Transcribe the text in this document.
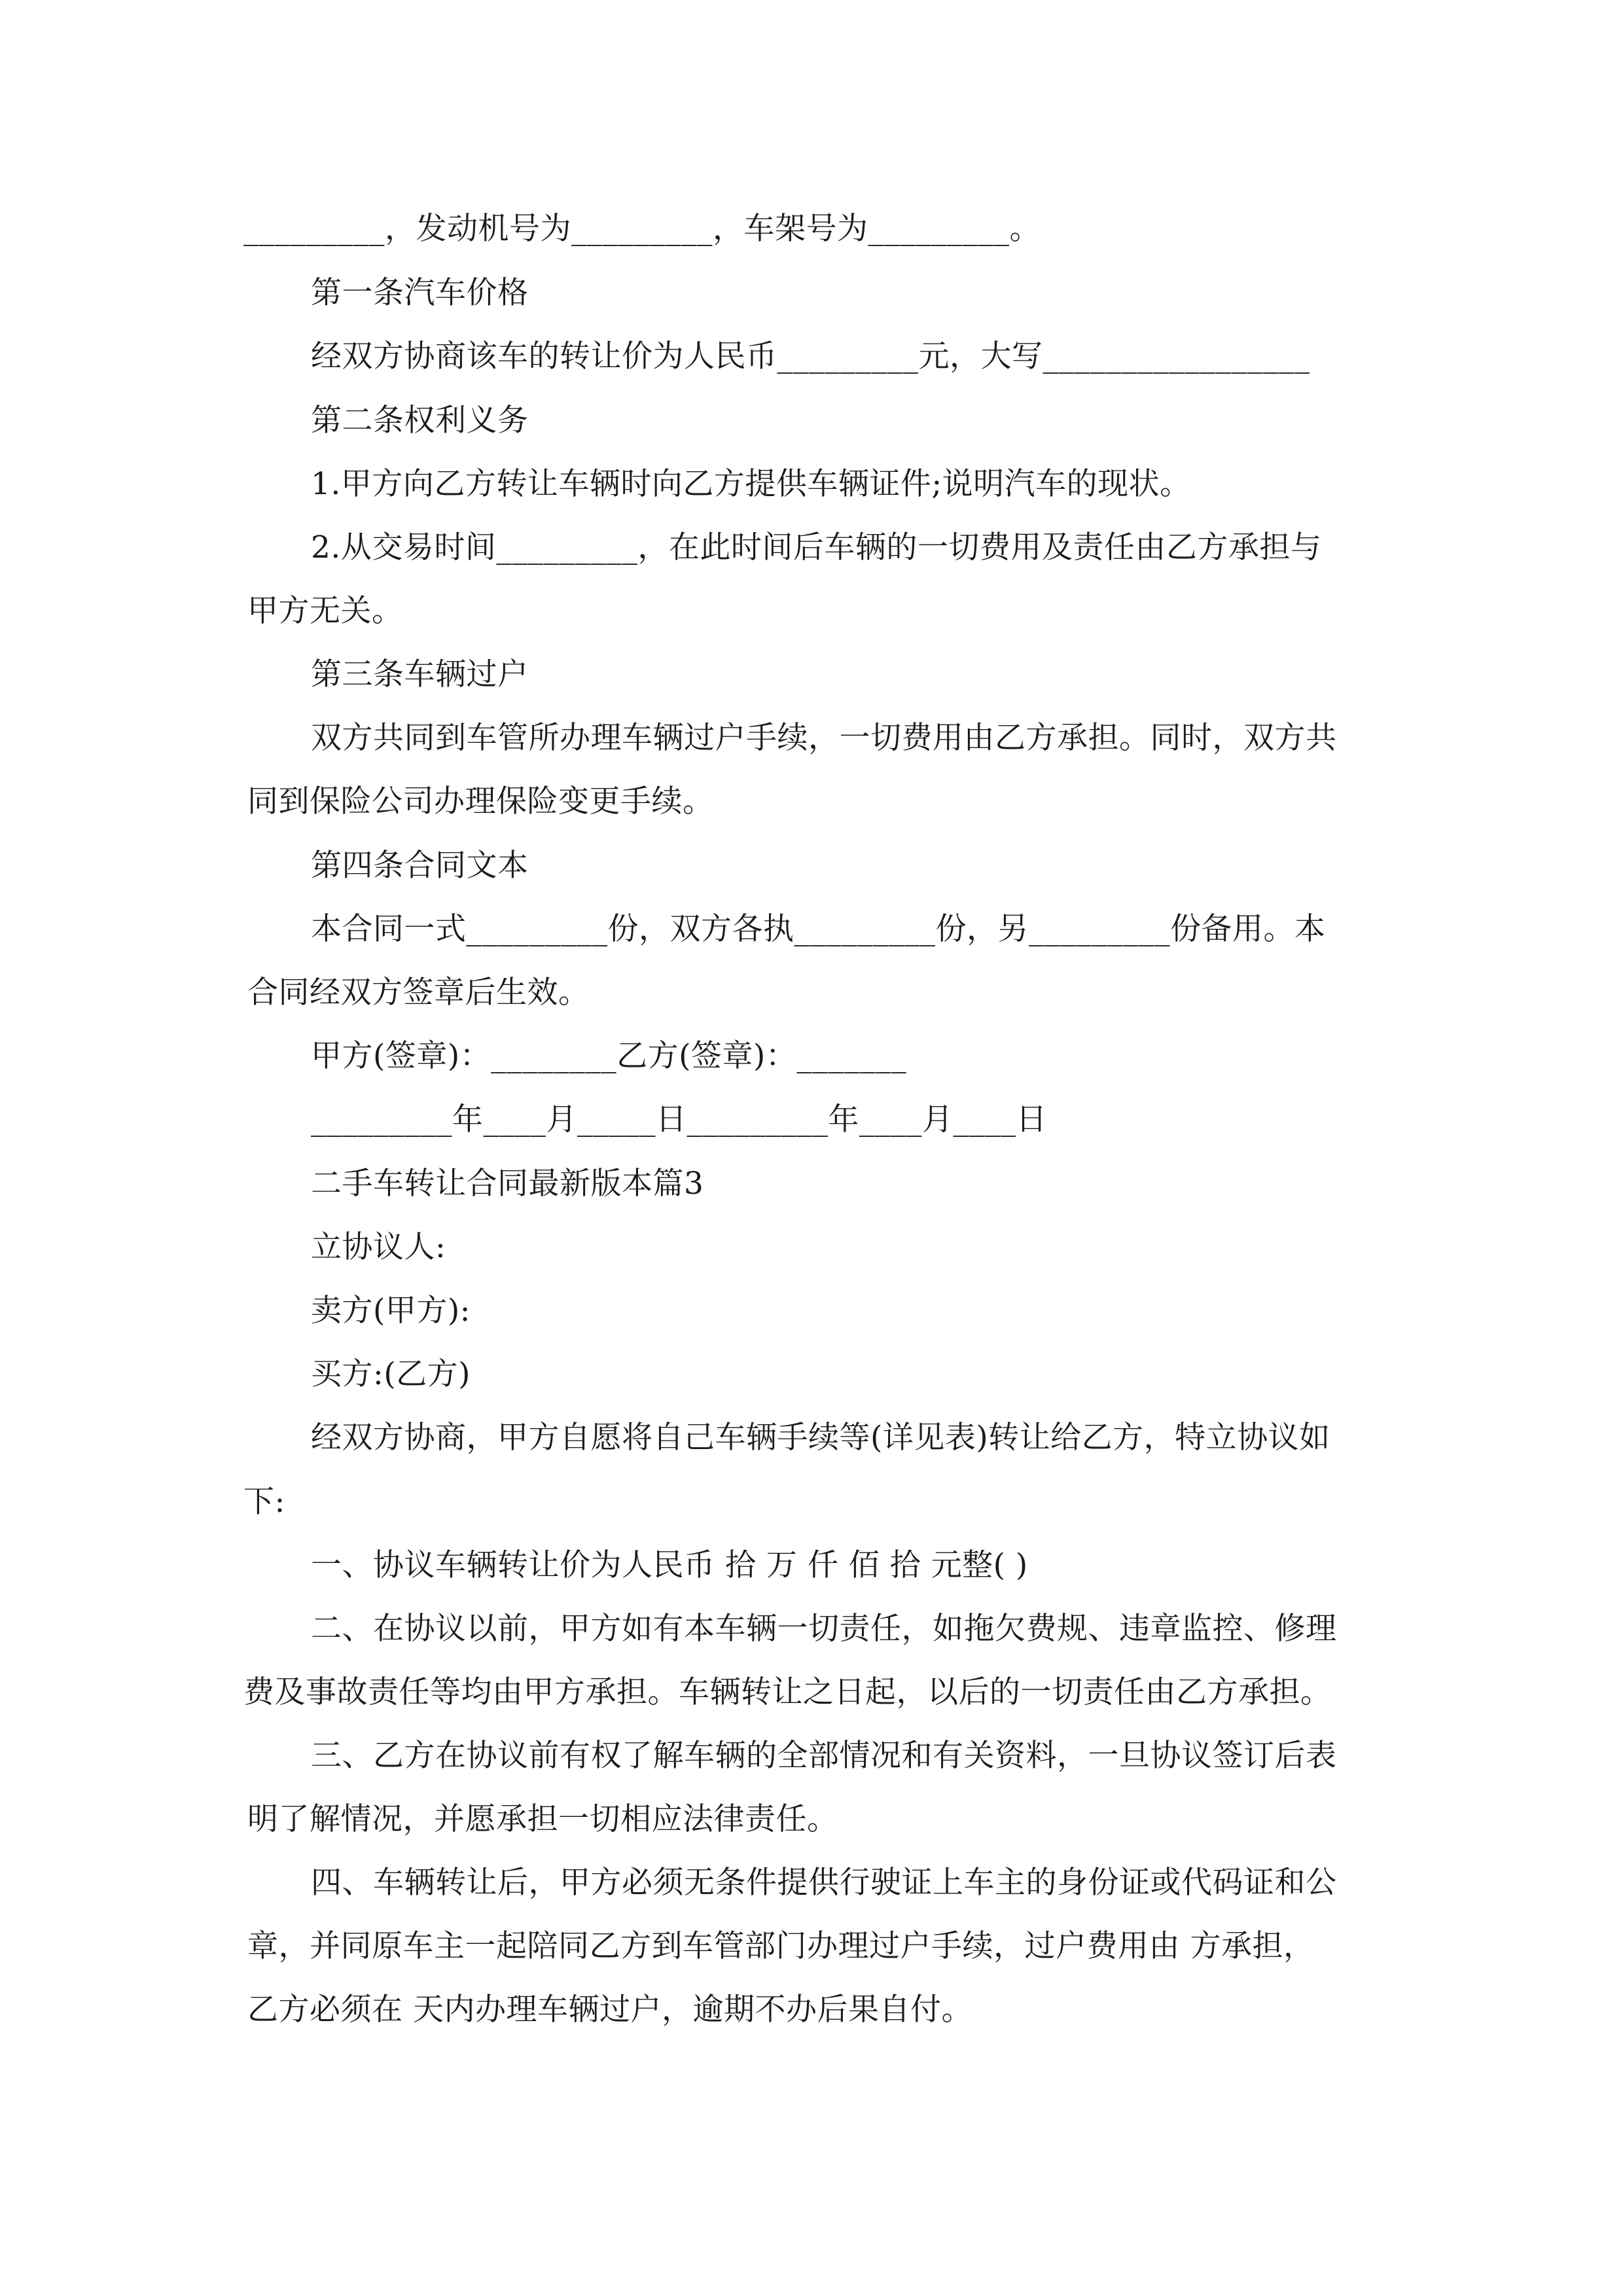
_________，发动机号为_________，车架号为_________。
第一条汽车价格
经双方协商该车的转让价为人民币_________元，大写_________________
第二条权利义务
1.甲方向乙方转让车辆时向乙方提供车辆证件;说明汽车的现状。
2.从交易时间_________，在此时间后车辆的一切费用及责任由乙方承担与
甲方无关。
第三条车辆过户
双方共同到车管所办理车辆过户手续，一切费用由乙方承担。同时，双方共
同到保险公司办理保险变更手续。
第四条合同文本
本合同一式_________份，双方各执_________份，另_________份备用。本
合同经双方签章后生效。
甲方(签章)：________乙方(签章)：_______
_________年____月_____日_________年____月____日
二手车转让合同最新版本篇3
立协议人:
卖方(甲方):
买方:(乙方)
经双方协商，甲方自愿将自己车辆手续等(详见表)转让给乙方，特立协议如
下:
一、协议车辆转让价为人民币 拾 万 仟 佰 拾 元整( )
二、在协议以前，甲方如有本车辆一切责任，如拖欠费规、违章监控、修理
费及事故责任等均由甲方承担。车辆转让之日起，以后的一切责任由乙方承担。
三、乙方在协议前有权了解车辆的全部情况和有关资料，一旦协议签订后表
明了解情况，并愿承担一切相应法律责任。
四、车辆转让后，甲方必须无条件提供行驶证上车主的身份证或代码证和公
章，并同原车主一起陪同乙方到车管部门办理过户手续，过户费用由 方承担，
乙方必须在 天内办理车辆过户，逾期不办后果自付。
